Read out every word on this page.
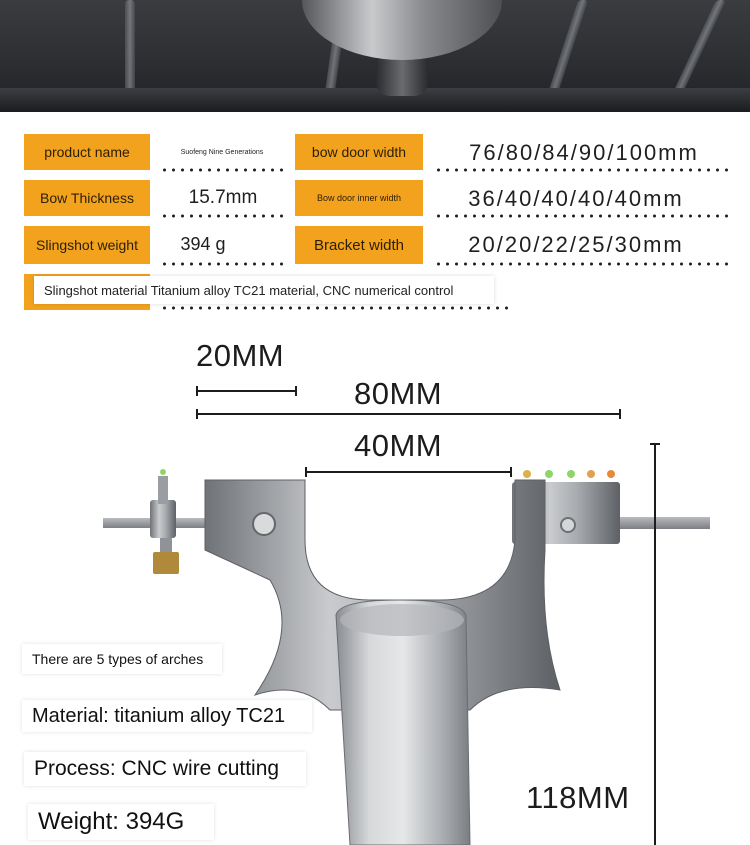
product name	Suofeng Nine Generations	bow door width	76/80/84/90/100mm
Bow Thickness	15.7mm	Bow door inner width	36/40/40/40/40mm
Slingshot weight	394 g	Bracket width	20/20/22/25/30mm
Slingshot material Titanium alloy TC21 material, CNC numerical control
20MM
80MM
40MM
118MM
There are 5 types of arches
Material: titanium alloy TC21
Process: CNC wire cutting
Weight: 394G
